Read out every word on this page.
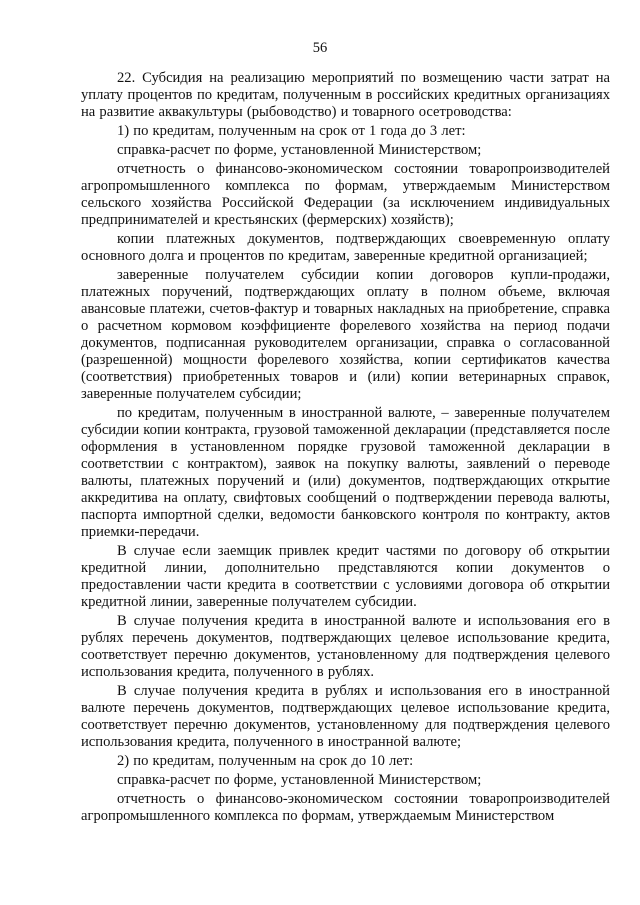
56

22. Субсидия на реализацию мероприятий по возмещению части затрат на уплату процентов по кредитам, полученным в российских кредитных организациях на развитие аквакультуры (рыбоводство) и товарного осетроводства:

1) по кредитам, полученным на срок от 1 года до 3 лет:

справка-расчет по форме, установленной Министерством;

отчетность о финансово-экономическом состоянии товаропроизводителей агропромышленного комплекса по формам, утверждаемым Министерством сельского хозяйства Российской Федерации (за исключением индивидуальных предпринимателей и крестьянских (фермерских) хозяйств);

копии платежных документов, подтверждающих своевременную оплату основного долга и процентов по кредитам, заверенные кредитной организацией;

заверенные получателем субсидии копии договоров купли-продажи, платежных поручений, подтверждающих оплату в полном объеме, включая авансовые платежи, счетов-фактур и товарных накладных на приобретение, справка о расчетном кормовом коэффициенте форелевого хозяйства на период подачи документов, подписанная руководителем организации, справка о согласованной (разрешенной) мощности форелевого хозяйства, копии сертификатов качества (соответствия) приобретенных товаров и (или) копии ветеринарных справок, заверенные получателем субсидии;

по кредитам, полученным в иностранной валюте, – заверенные получателем субсидии копии контракта, грузовой таможенной декларации (представляется после оформления в установленном порядке грузовой таможенной декларации в соответствии с контрактом), заявок на покупку валюты, заявлений о переводе валюты, платежных поручений и (или) документов, подтверждающих открытие аккредитива на оплату, свифтовых сообщений о подтверждении перевода валюты, паспорта импортной сделки, ведомости банковского контроля по контракту, актов приемки-передачи.

В случае если заемщик привлек кредит частями по договору об открытии кредитной линии, дополнительно представляются копии документов о предоставлении части кредита в соответствии с условиями договора об открытии кредитной линии, заверенные получателем субсидии.

В случае получения кредита в иностранной валюте и использования его в рублях перечень документов, подтверждающих целевое использование кредита, соответствует перечню документов, установленному для подтверждения целевого использования кредита, полученного в рублях.

В случае получения кредита в рублях и использования его в иностранной валюте перечень документов, подтверждающих целевое использование кредита, соответствует перечню документов, установленному для подтверждения целевого использования кредита, полученного в иностранной валюте;

2) по кредитам, полученным на срок до 10 лет:

справка-расчет по форме, установленной Министерством;

отчетность о финансово-экономическом состоянии товаропроизводителей агропромышленного комплекса по формам, утверждаемым Министерством
